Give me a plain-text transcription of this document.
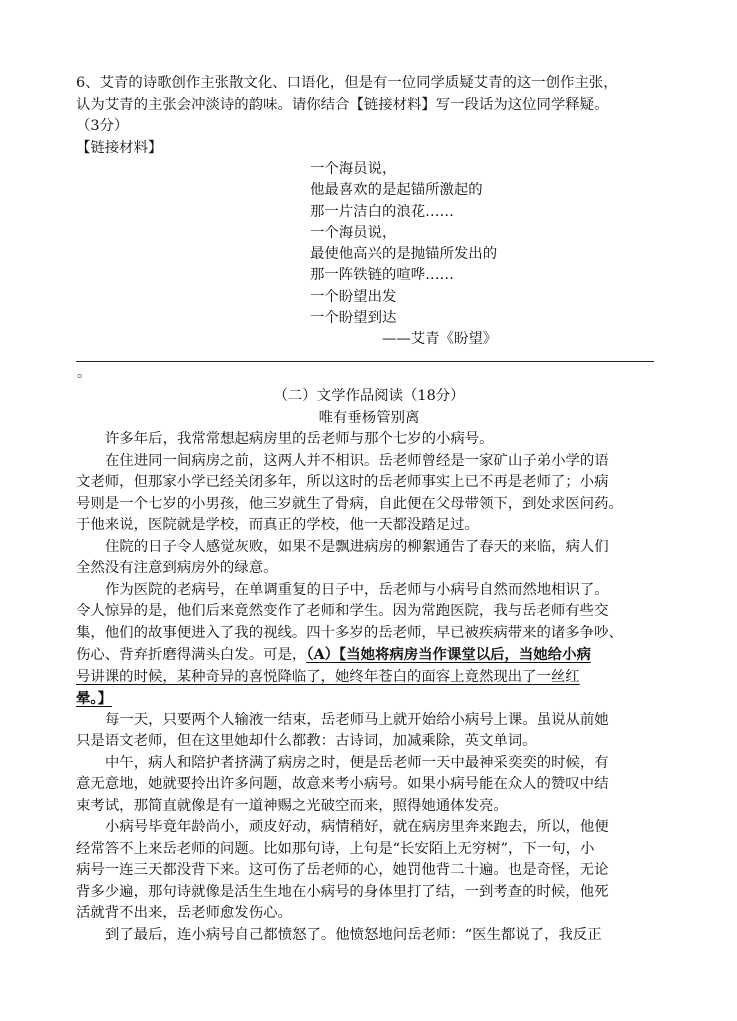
6、艾青的诗歌创作主张散文化、口语化，但是有一位同学质疑艾青的这一创作主张，
认为艾青的主张会冲淡诗的韵味。请你结合【链接材料】写一段话为这位同学释疑。
（3分）
【链接材料】
一个海员说，
他最喜欢的是起锚所激起的
那一片洁白的浪花……
一个海员说，
最使他高兴的是抛锚所发出的
那一阵铁链的喧哗……
一个盼望出发
一个盼望到达
——艾青《盼望》
。
（二）文学作品阅读（18分）
唯有垂杨管别离
许多年后，我常常想起病房里的岳老师与那个七岁的小病号。
在住进同一间病房之前，这两人并不相识。岳老师曾经是一家矿山子弟小学的语
文老师，但那家小学已经关闭多年，所以这时的岳老师事实上已不再是老师了；小病
号则是一个七岁的小男孩，他三岁就生了骨病，自此便在父母带领下，到处求医问药。
于他来说，医院就是学校，而真正的学校，他一天都没踏足过。
住院的日子令人感觉灰败，如果不是飘进病房的柳絮通告了春天的来临，病人们
全然没有注意到病房外的绿意。
作为医院的老病号，在单调重复的日子中，岳老师与小病号自然而然地相识了。
令人惊异的是，他们后来竟然变作了老师和学生。因为常跑医院，我与岳老师有些交
集，他们的故事便进入了我的视线。四十多岁的岳老师，早已被疾病带来的诸多争吵、
伤心、背弃折磨得满头白发。可是，（A）【当她将病房当作课堂以后，当她给小病
号讲课的时候，某种奇异的喜悦降临了，她终年苍白的面容上竟然现出了一丝红
晕。】
每一天，只要两个人输液一结束，岳老师马上就开始给小病号上课。虽说从前她
只是语文老师，但在这里她却什么都教：古诗词，加减乘除，英文单词。
中午，病人和陪护者挤满了病房之时，便是岳老师一天中最神采奕奕的时候，有
意无意地，她就要拎出许多问题，故意来考小病号。如果小病号能在众人的赞叹中结
束考试，那简直就像是有一道神赐之光破空而来，照得她通体发亮。
小病号毕竟年龄尚小，顽皮好动，病情稍好，就在病房里奔来跑去，所以，他便
经常答不上来岳老师的问题。比如那句诗，上句是“长安陌上无穷树”，下一句，小
病号一连三天都没背下来。这可伤了岳老师的心，她罚他背二十遍。也是奇怪，无论
背多少遍，那句诗就像是活生生地在小病号的身体里打了结，一到考查的时候，他死
活就背不出来，岳老师愈发伤心。
到了最后，连小病号自己都愤怒了。他愤怒地问岳老师：“医生都说了，我反正
